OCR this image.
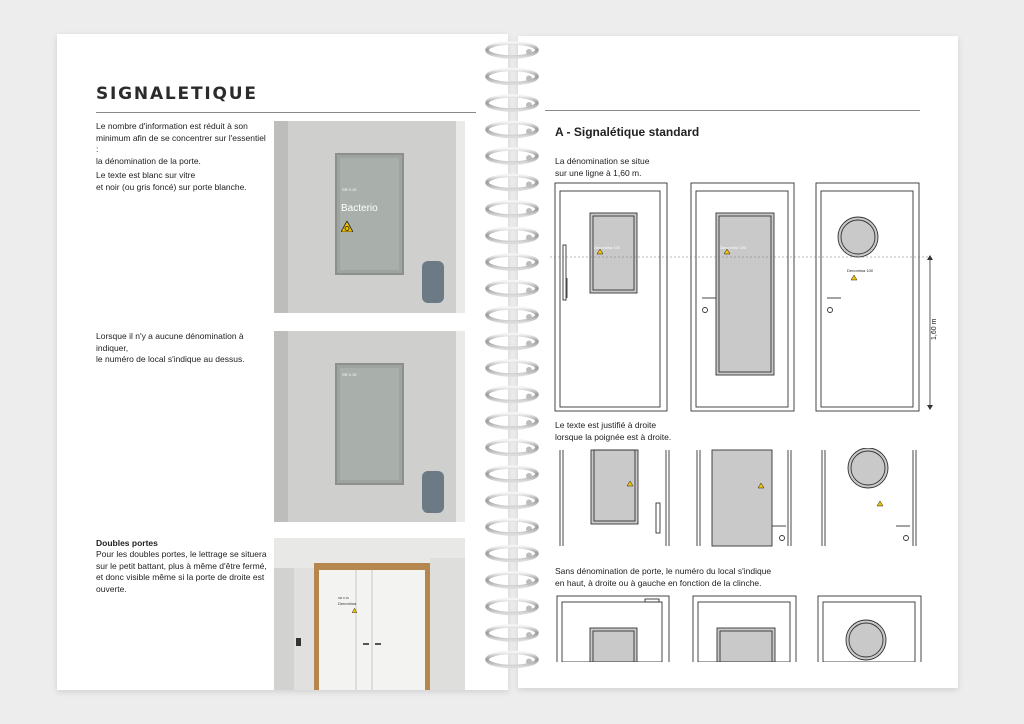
SIGNALETIQUE
Le nombre d'information est réduit à son
minimum afin de se concentrer sur l'essentiel :
la dénomination de la porte.
Le texte est blanc sur vitre
et noir (ou gris foncé) sur porte blanche.
Lorsque il n'y a aucune dénomination à indiquer,
le numéro de local s'indique au dessus.
Doubles portes
Pour les doubles portes, le lettrage se situera
sur le petit battant, plus à même d'être fermé,
et donc visible même si la porte de droite est
ouverte.
SR 0.19
Bacterio
SR 0.19
SR 0.19
Denomina
A - Signalétique standard
La dénomination se situe
sur une ligne à 1,60 m.
Le texte est justifié à droite
lorsque la poignée est à droite.
Sans dénomination de porte, le numéro du local s'indique
en haut, à droite ou à gauche en fonction de la clinche.
Denomina 100	Denomina 100
Denomina 100
1,60 m
